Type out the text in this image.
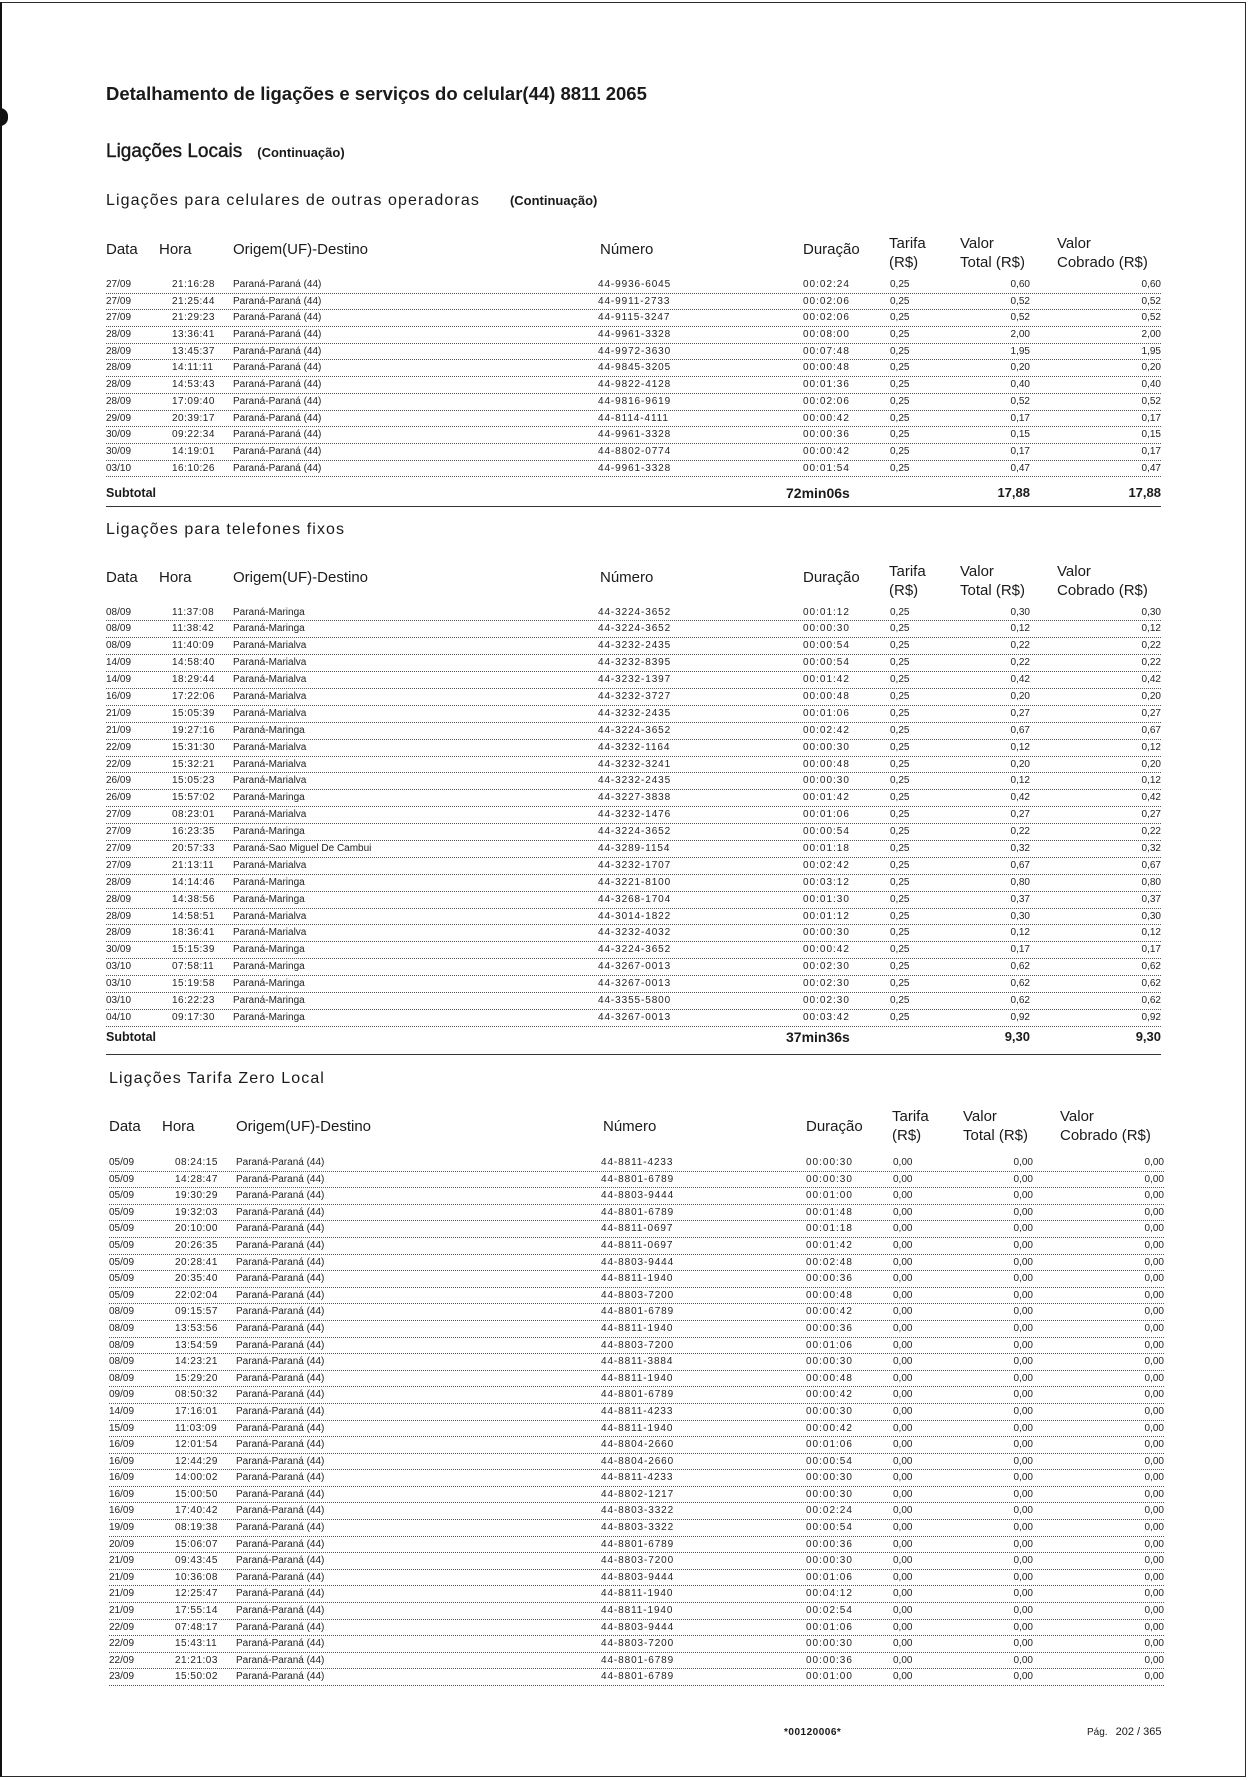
Detalhamento de ligações e serviços do celular(44) 8811 2065
Ligações Locais (Continuação)
Ligações para celulares de outras operadoras (Continuação)
Data Hora	Origem(UF)-Destino	Número	Duração Tarifa
(R$)
Valor
Total (R$)
Valor
Cobrado (R$)
27/09	21:16:28 Paraná-Paraná (44)	44-9936-6045	00:02:24	0,25	0,60	0,60
27/09	21:25:44 Paraná-Paraná (44)	44-9911-2733	00:02:06	0,25	0,52	0,52
27/09	21:29:23 Paraná-Paraná (44)	44-9115-3247	00:02:06	0,25	0,52	0,52
28/09	13:36:41 Paraná-Paraná (44)	44-9961-3328	00:08:00	0,25	2,00	2,00
28/09	13:45:37 Paraná-Paraná (44)	44-9972-3630	00:07:48	0,25	1,95	1,95
28/09	14:11:11 Paraná-Paraná (44)	44-9845-3205	00:00:48	0,25	0,20	0,20
28/09	14:53:43 Paraná-Paraná (44)	44-9822-4128	00:01:36	0,25	0,40	0,40
28/09	17:09:40 Paraná-Paraná (44)	44-9816-9619	00:02:06	0,25	0,52	0,52
29/09	20:39:17 Paraná-Paraná (44)	44-8114-4111	00:00:42	0,25	0,17	0,17
30/09	09:22:34 Paraná-Paraná (44)	44-9961-3328	00:00:36	0,25	0,15	0,15
30/09	14:19:01 Paraná-Paraná (44)	44-8802-0774	00:00:42	0,25	0,17	0,17
03/10	16:10:26 Paraná-Paraná (44)	44-9961-3328	00:01:54	0,25	0,47	0,47
Subtotal	72min06s	17,88	17,88
Ligações para telefones fixos
Data Hora	Origem(UF)-Destino	Número	Duração Tarifa
(R$)
Valor
Total (R$)
Valor
Cobrado (R$)
08/09	11:37:08 Paraná-Maringa	44-3224-3652	00:01:12	0,25	0,30	0,30
08/09	11:38:42 Paraná-Maringa	44-3224-3652	00:00:30	0,25	0,12	0,12
08/09	11:40:09 Paraná-Marialva	44-3232-2435	00:00:54	0,25	0,22	0,22
14/09	14:58:40 Paraná-Marialva	44-3232-8395	00:00:54	0,25	0,22	0,22
14/09	18:29:44 Paraná-Marialva	44-3232-1397	00:01:42	0,25	0,42	0,42
16/09	17:22:06 Paraná-Marialva	44-3232-3727	00:00:48	0,25	0,20	0,20
21/09	15:05:39 Paraná-Marialva	44-3232-2435	00:01:06	0,25	0,27	0,27
21/09	19:27:16 Paraná-Maringa	44-3224-3652	00:02:42	0,25	0,67	0,67
22/09	15:31:30 Paraná-Marialva	44-3232-1164	00:00:30	0,25	0,12	0,12
22/09	15:32:21 Paraná-Marialva	44-3232-3241	00:00:48	0,25	0,20	0,20
26/09	15:05:23 Paraná-Marialva	44-3232-2435	00:00:30	0,25	0,12	0,12
26/09	15:57:02 Paraná-Maringa	44-3227-3838	00:01:42	0,25	0,42	0,42
27/09	08:23:01 Paraná-Marialva	44-3232-1476	00:01:06	0,25	0,27	0,27
27/09	16:23:35 Paraná-Maringa	44-3224-3652	00:00:54	0,25	0,22	0,22
27/09	20:57:33 Paraná-Sao Miguel De Cambui	44-3289-1154	00:01:18	0,25	0,32	0,32
27/09	21:13:11 Paraná-Marialva	44-3232-1707	00:02:42	0,25	0,67	0,67
28/09	14:14:46 Paraná-Maringa	44-3221-8100	00:03:12	0,25	0,80	0,80
28/09	14:38:56 Paraná-Maringa	44-3268-1704	00:01:30	0,25	0,37	0,37
28/09	14:58:51 Paraná-Marialva	44-3014-1822	00:01:12	0,25	0,30	0,30
28/09	18:36:41 Paraná-Marialva	44-3232-4032	00:00:30	0,25	0,12	0,12
30/09	15:15:39 Paraná-Maringa	44-3224-3652	00:00:42	0,25	0,17	0,17
03/10	07:58:11 Paraná-Maringa	44-3267-0013	00:02:30	0,25	0,62	0,62
03/10	15:19:58 Paraná-Maringa	44-3267-0013	00:02:30	0,25	0,62	0,62
03/10	16:22:23 Paraná-Maringa	44-3355-5800	00:02:30	0,25	0,62	0,62
04/10	09:17:30 Paraná-Maringa	44-3267-0013	00:03:42	0,25	0,92	0,92
Subtotal	37min36s	9,30	9,30
Ligações Tarifa Zero Local
Data Hora	Origem(UF)-Destino	Número	Duração
Tarifa
(R$)
Valor
Total (R$)
Valor
Cobrado (R$)
05/09	08:24:15 Paraná-Paraná (44)	44-8811-4233	00:00:30	0,00	0,00	0,00
05/09	14:28:47 Paraná-Paraná (44)	44-8801-6789	00:00:30	0,00	0,00	0,00
05/09	19:30:29 Paraná-Paraná (44)	44-8803-9444	00:01:00	0,00	0,00	0,00
05/09	19:32:03 Paraná-Paraná (44)	44-8801-6789	00:01:48	0,00	0,00	0,00
05/09	20:10:00 Paraná-Paraná (44)	44-8811-0697	00:01:18	0,00	0,00	0,00
05/09	20:26:35 Paraná-Paraná (44)	44-8811-0697	00:01:42	0,00	0,00	0,00
05/09	20:28:41 Paraná-Paraná (44)	44-8803-9444	00:02:48	0,00	0,00	0,00
05/09	20:35:40 Paraná-Paraná (44)	44-8811-1940	00:00:36	0,00	0,00	0,00
05/09	22:02:04 Paraná-Paraná (44)	44-8803-7200	00:00:48	0,00	0,00	0,00
08/09	09:15:57 Paraná-Paraná (44)	44-8801-6789	00:00:42	0,00	0,00	0,00
08/09	13:53:56 Paraná-Paraná (44)	44-8811-1940	00:00:36	0,00	0,00	0,00
08/09	13:54:59 Paraná-Paraná (44)	44-8803-7200	00:01:06	0,00	0,00	0,00
08/09	14:23:21 Paraná-Paraná (44)	44-8811-3884	00:00:30	0,00	0,00	0,00
08/09	15:29:20 Paraná-Paraná (44)	44-8811-1940	00:00:48	0,00	0,00	0,00
09/09	08:50:32 Paraná-Paraná (44)	44-8801-6789	00:00:42	0,00	0,00	0,00
14/09	17:16:01 Paraná-Paraná (44)	44-8811-4233	00:00:30	0,00	0,00	0,00
15/09	11:03:09 Paraná-Paraná (44)	44-8811-1940	00:00:42	0,00	0,00	0,00
16/09	12:01:54 Paraná-Paraná (44)	44-8804-2660	00:01:06	0,00	0,00	0,00
16/09	12:44:29 Paraná-Paraná (44)	44-8804-2660	00:00:54	0,00	0,00	0,00
16/09	14:00:02 Paraná-Paraná (44)	44-8811-4233	00:00:30	0,00	0,00	0,00
16/09	15:00:50 Paraná-Paraná (44)	44-8802-1217	00:00:30	0,00	0,00	0,00
16/09	17:40:42 Paraná-Paraná (44)	44-8803-3322	00:02:24	0,00	0,00	0,00
19/09	08:19:38 Paraná-Paraná (44)	44-8803-3322	00:00:54	0,00	0,00	0,00
20/09	15:06:07 Paraná-Paraná (44)	44-8801-6789	00:00:36	0,00	0,00	0,00
21/09	09:43:45 Paraná-Paraná (44)	44-8803-7200	00:00:30	0,00	0,00	0,00
21/09	10:36:08 Paraná-Paraná (44)	44-8803-9444	00:01:06	0,00	0,00	0,00
21/09	12:25:47 Paraná-Paraná (44)	44-8811-1940	00:04:12	0,00	0,00	0,00
21/09	17:55:14 Paraná-Paraná (44)	44-8811-1940	00:02:54	0,00	0,00	0,00
22/09	07:48:17 Paraná-Paraná (44)	44-8803-9444	00:01:06	0,00	0,00	0,00
22/09	15:43:11 Paraná-Paraná (44)	44-8803-7200	00:00:30	0,00	0,00	0,00
22/09	21:21:03 Paraná-Paraná (44)	44-8801-6789	00:00:36	0,00	0,00	0,00
23/09	15:50:02 Paraná-Paraná (44)	44-8801-6789	00:01:00	0,00	0,00	0,00
*00120006*	Pág. 202 / 365
